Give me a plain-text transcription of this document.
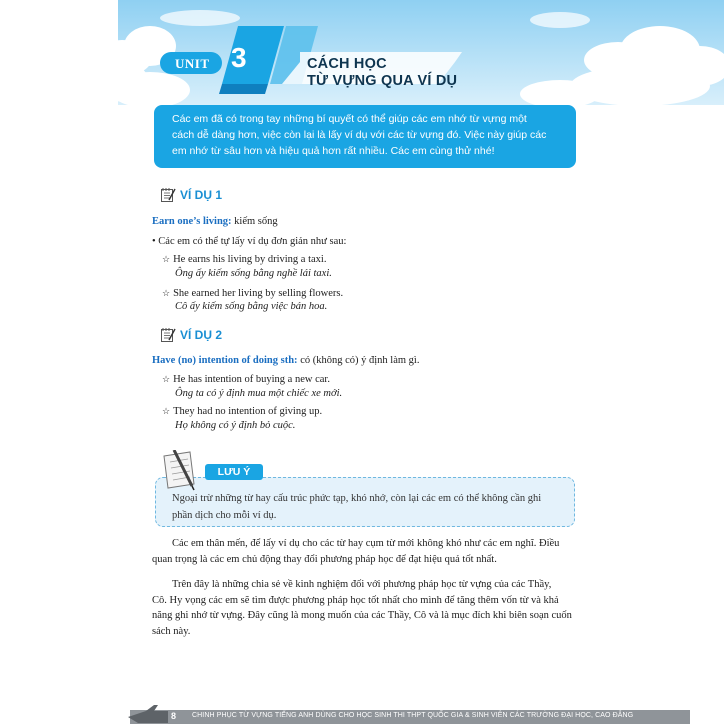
UNIT 3	CÁCH HỌC
TỪ VỰNG QUA VÍ DỤ
Các em đã có trong tay những bí quyết có thể giúp các em nhớ từ vựng một
cách dễ dàng hơn, việc còn lại là lấy ví dụ với các từ vựng đó. Việc này giúp các
em nhớ từ sâu hơn và hiệu quả hơn rất nhiều. Các em cùng thử nhé!
VÍ DỤ 1
Earn one’s living: kiếm sống
• Các em có thể tự lấy ví dụ đơn giản như sau:
☆ He earns his living by driving a taxi.
Ông ấy kiếm sống bằng nghề lái taxi.
☆ She earned her living by selling flowers.
Cô ấy kiếm sống bằng việc bán hoa.
VÍ DỤ 2
Have (no) intention of doing sth: có (không có) ý định làm gì.
☆ He has intention of buying a new car.
Ông ta có ý định mua một chiếc xe mới.
☆ They had no intention of giving up.
Họ không có ý định bỏ cuộc.
LƯU Ý
Ngoại trừ những từ hay cấu trúc phức tạp, khó nhớ, còn lại các em có thể không cần ghi
phần dịch cho mỗi ví dụ.
Các em thân mến, để lấy ví dụ cho các từ hay cụm từ mới không khó như các em nghĩ. Điều
quan trọng là các em chủ động thay đổi phương pháp học để đạt hiệu quả tốt nhất.
Trên đây là những chia sẻ về kinh nghiệm đối với phương pháp học từ vựng của các Thầy,
Cô. Hy vọng các em sẽ tìm được phương pháp học tốt nhất cho mình để tăng thêm vốn từ và khả
năng ghi nhớ từ vựng. Đây cũng là mong muốn của các Thầy, Cô và là mục đích khi biên soạn cuốn
sách này.
8 CHINH PHỤC TỪ VỰNG TIẾNG ANH DÙNG CHO HỌC SINH THI THPT QUỐC GIA & SINH VIÊN CÁC TRƯỜNG ĐẠI HỌC, CAO ĐẲNG
